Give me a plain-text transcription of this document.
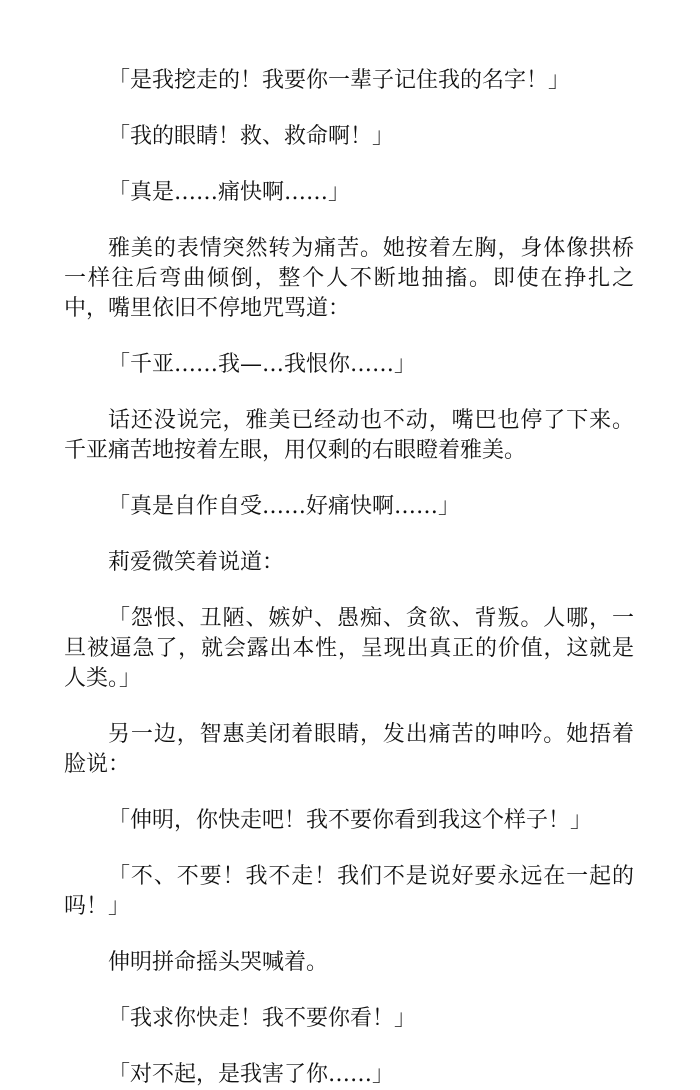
「是我挖走的！我要你一辈子记住我的名字！」

「我的眼睛！救、救命啊！」

「真是……痛快啊……」

雅美的表情突然转为痛苦。她按着左胸，身体像拱桥一样往后弯曲倾倒，整个人不断地抽搐。即使在挣扎之中，嘴里依旧不停地咒骂道：

「千亚……我—…我恨你……」

话还没说完，雅美已经动也不动，嘴巴也停了下来。千亚痛苦地按着左眼，用仅剩的右眼瞪着雅美。

「真是自作自受……好痛快啊……」

莉爱微笑着说道：

「怨恨、丑陋、嫉妒、愚痴、贪欲、背叛。人哪，一旦被逼急了，就会露出本性，呈现出真正的价值，这就是人类。」

另一边，智惠美闭着眼睛，发出痛苦的呻吟。她捂着脸说：

「伸明，你快走吧！我不要你看到我这个样子！」

「不、不要！我不走！我们不是说好要永远在一起的吗！」

伸明拼命摇头哭喊着。

「我求你快走！我不要你看！」

「对不起，是我害了你……」
